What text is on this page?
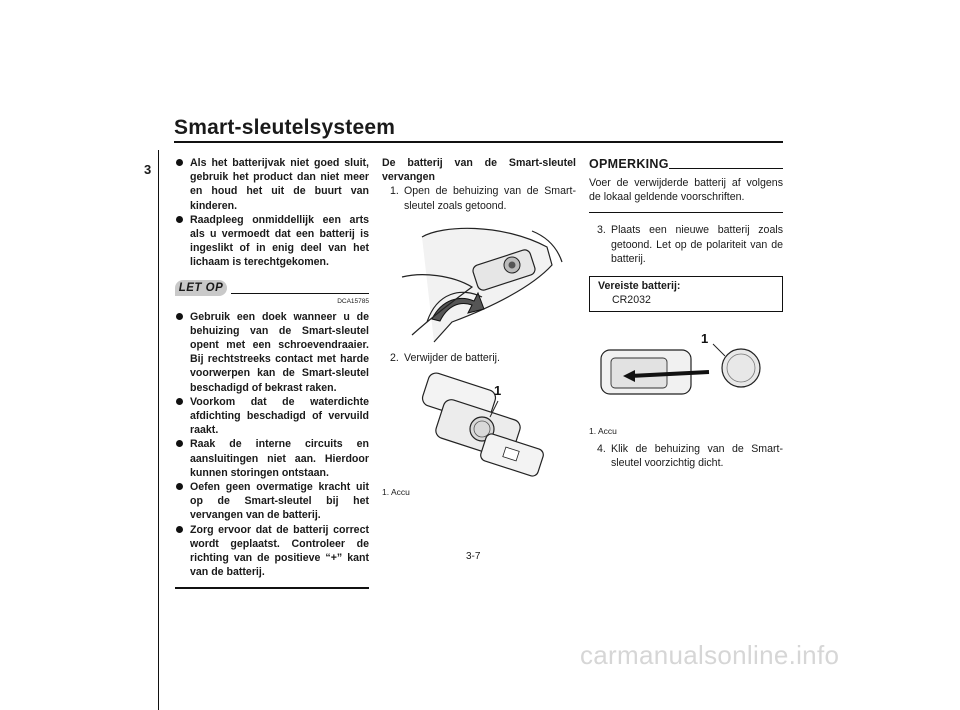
Smart-sleutelsysteem
3	Als het batterijvak niet goed sluit, gebruik het product dan niet meer en houd het uit de buurt van kinderen.
Raadpleeg onmiddellijk een arts als u vermoedt dat een batterij is ingeslikt of in enig deel van het lichaam is terechtgekomen.
LET OP
DCA15785
Gebruik een doek wanneer u de behuizing van de Smart-sleutel opent met een schroevendraaier. Bij rechtstreeks contact met harde voorwerpen kan de Smart-sleutel beschadigd of bekrast raken.
Voorkom dat de waterdichte afdichting beschadigd of vervuild raakt.
Raak de interne circuits en aansluitingen niet aan. Hierdoor kunnen storingen ontstaan.
Oefen geen overmatige kracht uit op de Smart-sleutel bij het vervangen van de batterij.
Zorg ervoor dat de batterij correct wordt geplaatst. Controleer de richting van de positieve “+” kant van de batterij.
De batterij van de Smart-sleutel vervangen
1. Open de behuizing van de Smart-sleutel zoals getoond.
2. Verwijder de batterij.
1
1. Accu
OPMERKING
Voer de verwijderde batterij af volgens de lokaal geldende voorschriften.
3. Plaats een nieuwe batterij zoals getoond. Let op de polariteit van de batterij.
Vereiste batterij:
CR2032
1
1. Accu
4. Klik de behuizing van de Smart-sleutel voorzichtig dicht.
3-7
carmanualsonline.info
